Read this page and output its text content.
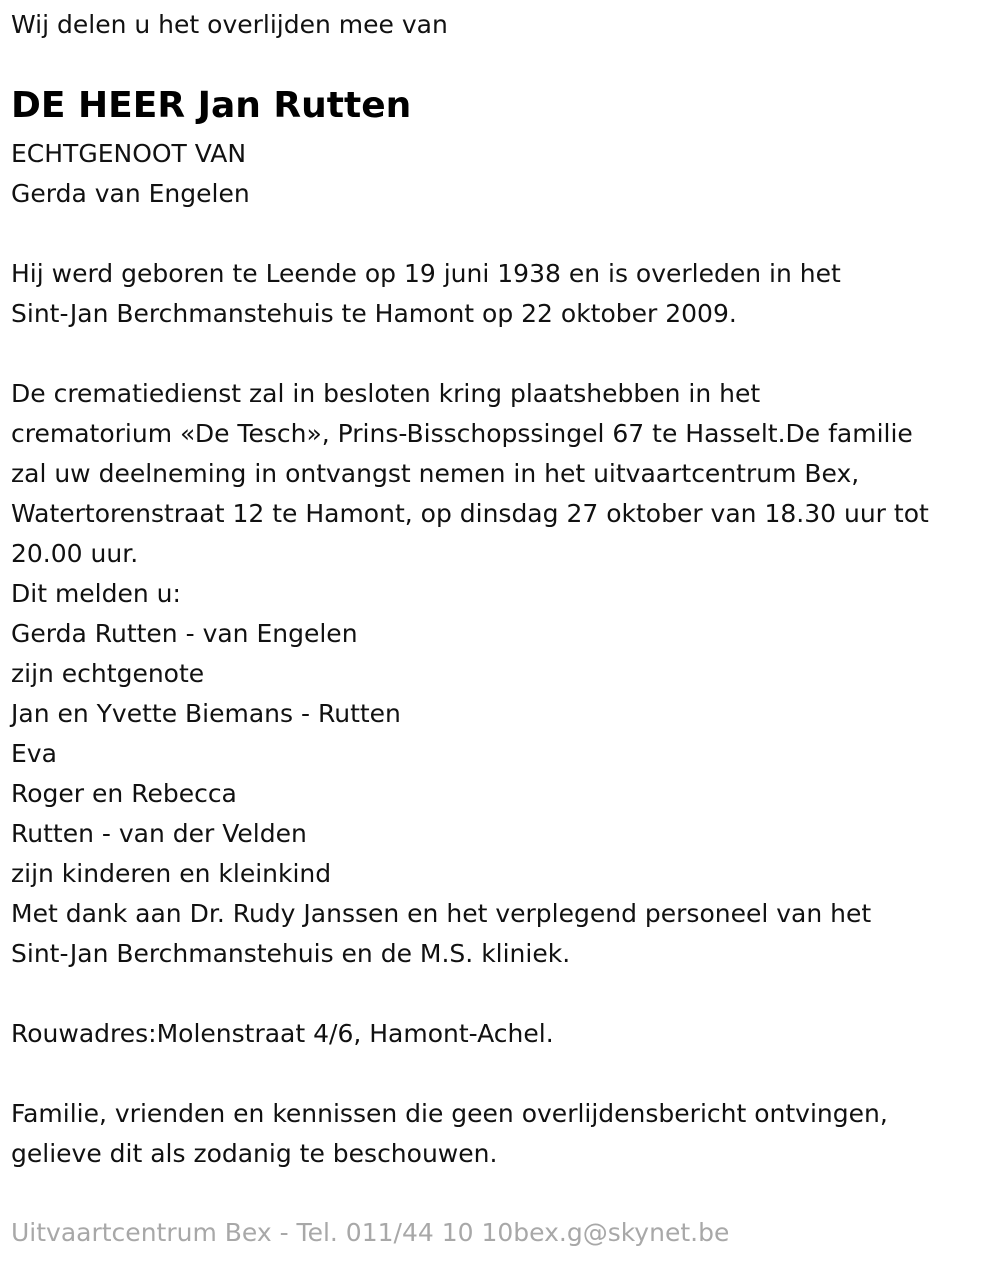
Wij delen u het overlijden mee van

DE HEER Jan Rutten

ECHTGENOOT VAN

Gerda van Engelen

Hij werd geboren te Leende op 19 juni 1938 en is overleden in het

Sint-Jan Berchmanstehuis te Hamont op 22 oktober 2009.

De crematiedienst zal in besloten kring plaatshebben in het

crematorium «De Tesch», Prins-Bisschopssingel 67 te Hasselt.De familie

zal uw deelneming in ontvangst nemen in het uitvaartcentrum Bex,

Watertorenstraat 12 te Hamont, op dinsdag 27 oktober van 18.30 uur tot

20.00 uur.

Dit melden u:

Gerda Rutten - van Engelen

zijn echtgenote

Jan en Yvette Biemans - Rutten

Eva

Roger en Rebecca

Rutten - van der Velden

zijn kinderen en kleinkind

Met dank aan Dr. Rudy Janssen en het verplegend personeel van het

Sint-Jan Berchmanstehuis en de M.S. kliniek.

Rouwadres:Molenstraat 4/6, Hamont-Achel.

Familie, vrienden en kennissen die geen overlijdensbericht ontvingen,

gelieve dit als zodanig te beschouwen.

Uitvaartcentrum Bex - Tel. 011/44 10 10bex.g@skynet.be
